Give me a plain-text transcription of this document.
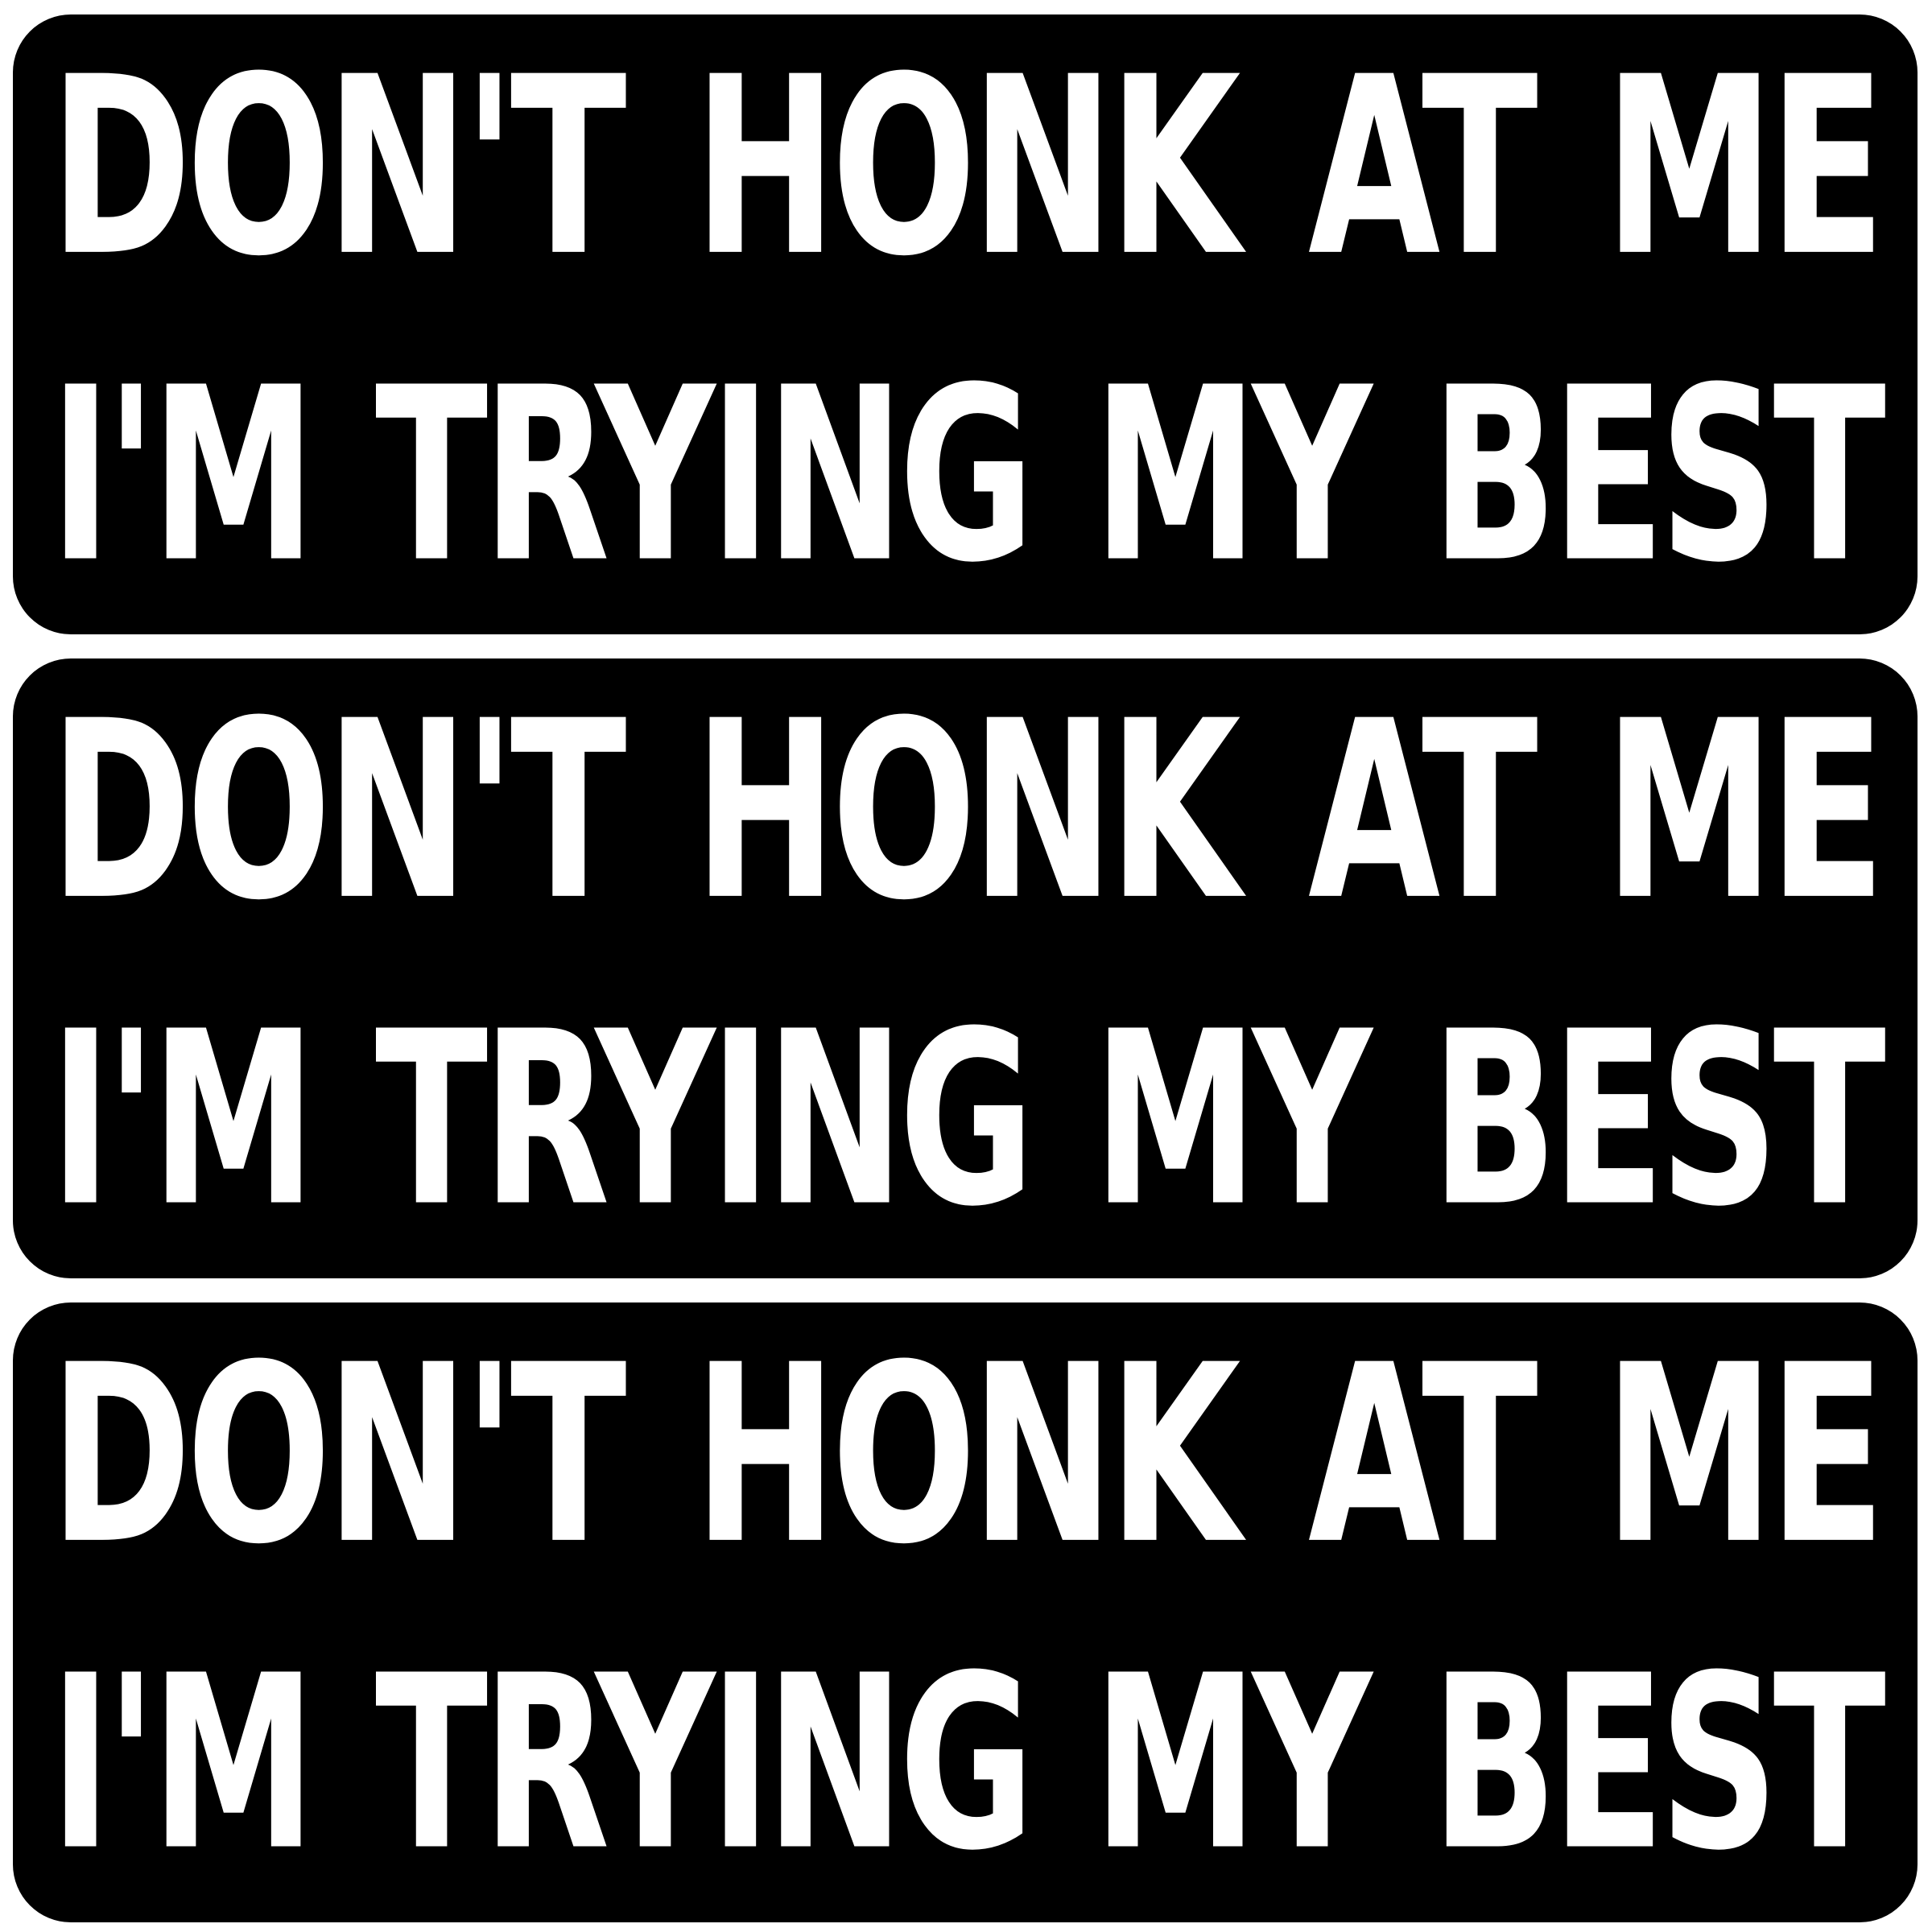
DON'T HONK AT ME
I'M TRYING MY BEST
DON'T HONK AT ME
I'M TRYING MY BEST
DON'T HONK AT ME
I'M TRYING MY BEST
